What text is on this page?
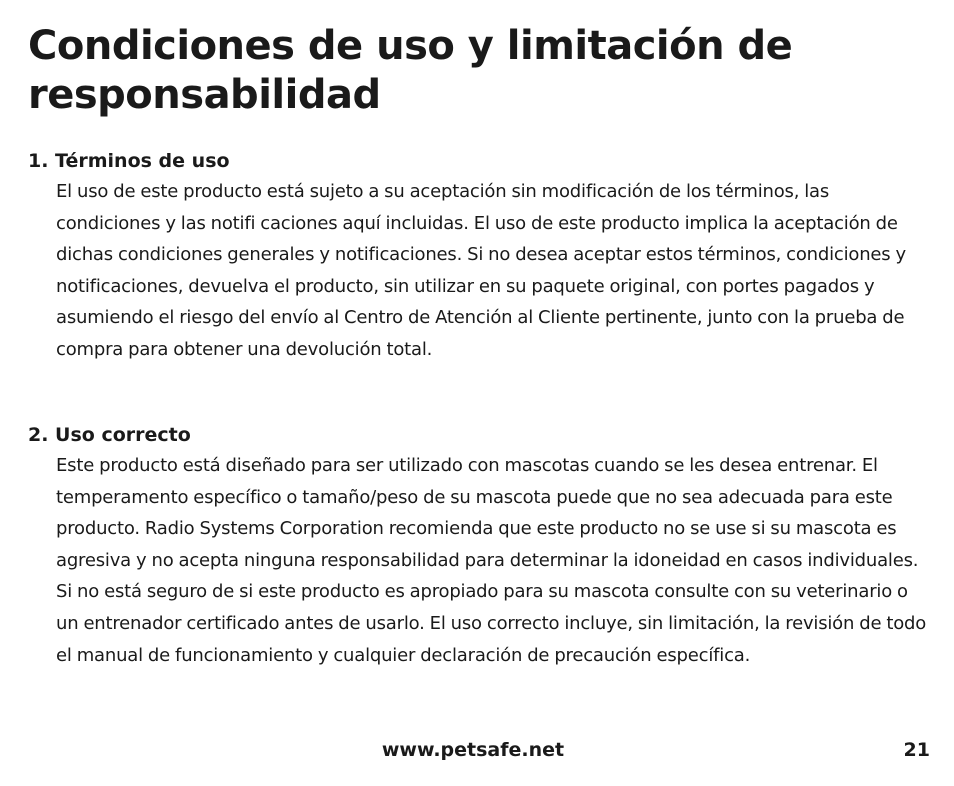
Condiciones de uso y limitación de responsabilidad
1. Términos de uso

El uso de este producto está sujeto a su aceptación sin modificación de los términos, las condiciones y las notifi caciones aquí incluidas. El uso de este producto implica la aceptación de dichas condiciones generales y notificaciones. Si no desea aceptar estos términos, condiciones y notificaciones, devuelva el producto, sin utilizar en su paquete original, con portes pagados y asumiendo el riesgo del envío al Centro de Atención al Cliente pertinente, junto con la prueba de compra para obtener una devolución total.

2. Uso correcto

Este producto está diseñado para ser utilizado con mascotas cuando se les desea entrenar. El temperamento específico o tamaño/peso de su mascota puede que no sea adecuada para este producto. Radio Systems Corporation recomienda que este producto no se use si su mascota es agresiva y no acepta ninguna responsabilidad para determinar la idoneidad en casos individuales. Si no está seguro de si este producto es apropiado para su mascota consulte con su veterinario o un entrenador certificado antes de usarlo. El uso correcto incluye, sin limitación, la revisión de todo el manual de funcionamiento y cualquier declaración de precaución específica.

www.petsafe.net	21
